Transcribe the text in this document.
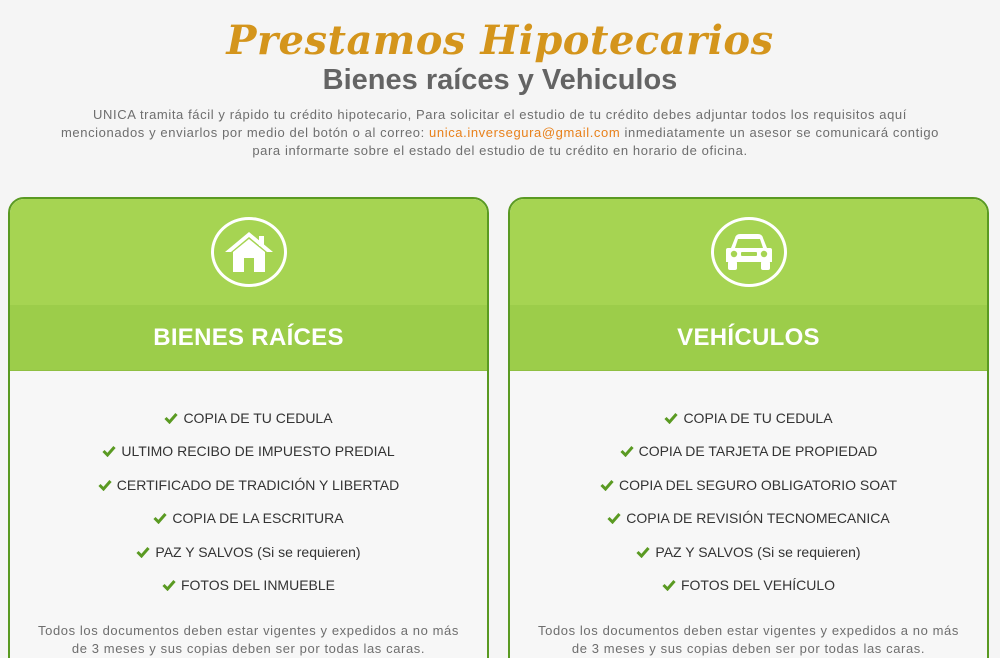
Prestamos Hipotecarios
Bienes raíces y Vehiculos

UNICA tramita fácil y rápido tu crédito hipotecario, Para solicitar el estudio de tu crédito debes adjuntar todos los requisitos aquí mencionados y enviarlos por medio del botón o al correo: unica.inversegura@gmail.com inmediatamente un asesor se comunicará contigo para informarte sobre el estado del estudio de tu crédito en horario de oficina.

BIENES RAÍCES
COPIA DE TU CEDULA
ULTIMO RECIBO DE IMPUESTO PREDIAL
CERTIFICADO DE TRADICIÓN Y LIBERTAD
COPIA DE LA ESCRITURA
PAZ Y SALVOS (Si se requieren)
FOTOS DEL INMUEBLE

Todos los documentos deben estar vigentes y expedidos a no más de 3 meses y sus copias deben ser por todas las caras.

VEHÍCULOS
COPIA DE TU CEDULA
COPIA DE TARJETA DE PROPIEDAD
COPIA DEL SEGURO OBLIGATORIO SOAT
COPIA DE REVISIÓN TECNOMECANICA
PAZ Y SALVOS (Si se requieren)
FOTOS DEL VEHÍCULO

Todos los documentos deben estar vigentes y expedidos a no más de 3 meses y sus copias deben ser por todas las caras.
